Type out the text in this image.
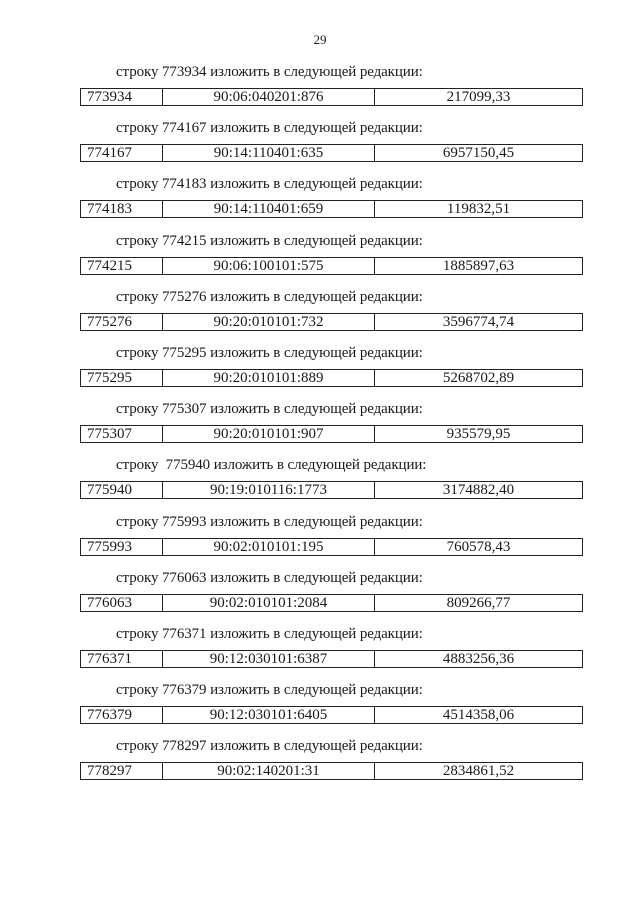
29
строку 773934 изложить в следующей редакции:
773934	90:06:040201:876	217099,33
строку 774167 изложить в следующей редакции:
774167	90:14:110401:635	6957150,45
строку 774183 изложить в следующей редакции:
774183	90:14:110401:659	119832,51
строку 774215 изложить в следующей редакции:
774215	90:06:100101:575	1885897,63
строку 775276 изложить в следующей редакции:
775276	90:20:010101:732	3596774,74
строку 775295 изложить в следующей редакции:
775295	90:20:010101:889	5268702,89
строку 775307 изложить в следующей редакции:
775307	90:20:010101:907	935579,95
строку  775940 изложить в следующей редакции:
775940	90:19:010116:1773	3174882,40
строку 775993 изложить в следующей редакции:
775993	90:02:010101:195	760578,43
строку 776063 изложить в следующей редакции:
776063	90:02:010101:2084	809266,77
строку 776371 изложить в следующей редакции:
776371	90:12:030101:6387	4883256,36
строку 776379 изложить в следующей редакции:
776379	90:12:030101:6405	4514358,06
строку 778297 изложить в следующей редакции:
778297	90:02:140201:31	2834861,52
